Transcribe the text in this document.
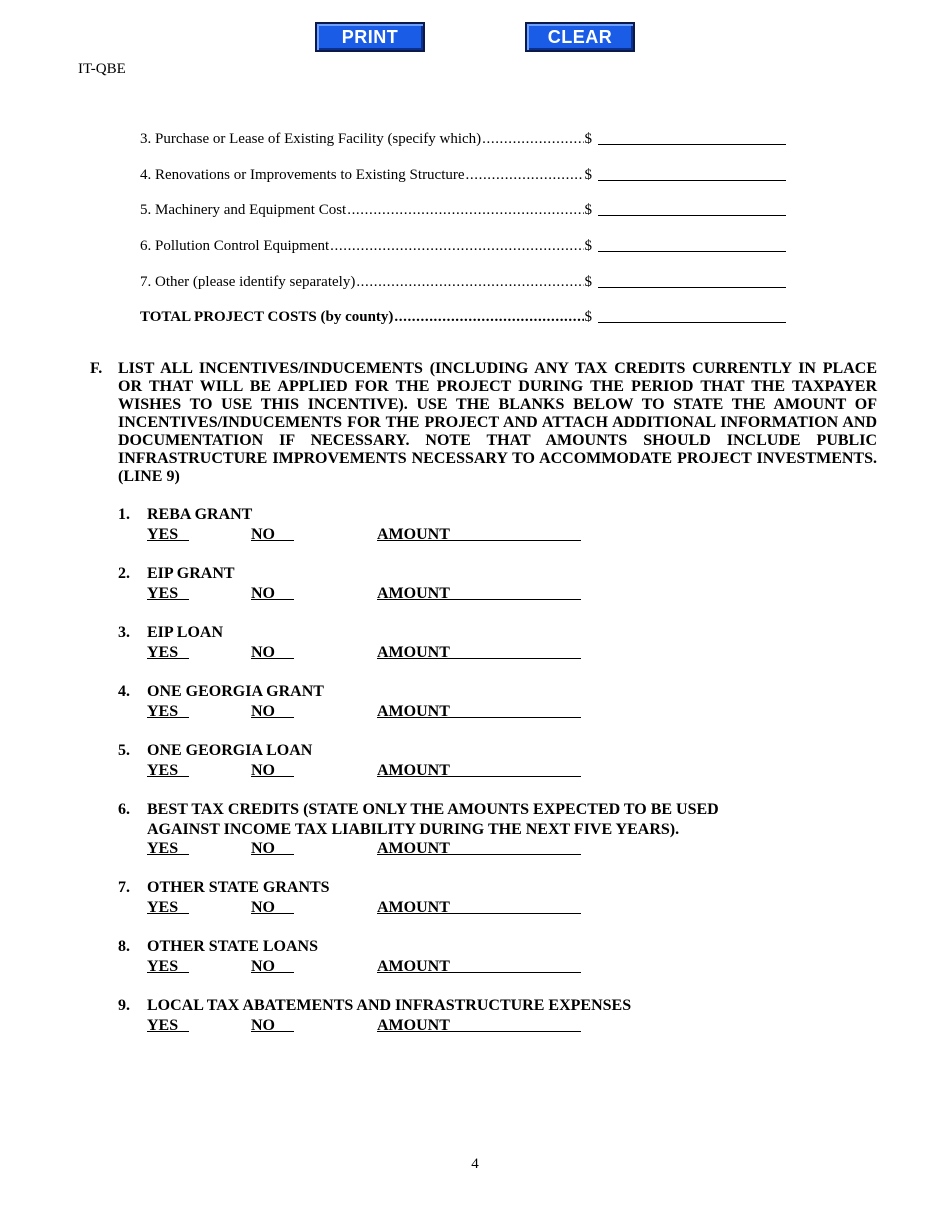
PRINT	CLEAR
IT-QBE
3. Purchase or Lease of Existing Facility (specify which) .....	$
4. Renovations or Improvements to Existing Structure .....	$
5. Machinery and Equipment Cost .....	$
6. Pollution Control Equipment .....	$
7. Other (please identify separately) .....	$
TOTAL PROJECT COSTS (by county) .....	$
F. LIST ALL INCENTIVES/INDUCEMENTS (INCLUDING ANY TAX CREDITS CURRENTLY IN PLACE OR THAT WILL BE APPLIED FOR THE PROJECT DURING THE PERIOD THAT THE TAXPAYER WISHES TO USE THIS INCENTIVE). USE THE BLANKS BELOW TO STATE THE AMOUNT OF INCENTIVES/INDUCEMENTS FOR THE PROJECT AND ATTACH ADDITIONAL INFORMATION AND DOCUMENTATION IF NECESSARY. NOTE THAT AMOUNTS SHOULD INCLUDE PUBLIC INFRASTRUCTURE IMPROVEMENTS NECESSARY TO ACCOMMODATE PROJECT INVESTMENTS. (LINE 9)
1. REBA GRANT
YES	NO	AMOUNT
2. EIP GRANT
YES	NO	AMOUNT
3. EIP LOAN
YES	NO	AMOUNT
4. ONE GEORGIA GRANT
YES	NO	AMOUNT
5. ONE GEORGIA LOAN
YES	NO	AMOUNT
6. BEST TAX CREDITS (STATE ONLY THE AMOUNTS EXPECTED TO BE USED
AGAINST INCOME TAX LIABILITY DURING THE NEXT FIVE YEARS).
YES	NO	AMOUNT
7. OTHER STATE GRANTS
YES	NO	AMOUNT
8. OTHER STATE LOANS
YES	NO	AMOUNT
9. LOCAL TAX ABATEMENTS AND INFRASTRUCTURE EXPENSES
YES	NO	AMOUNT
4
